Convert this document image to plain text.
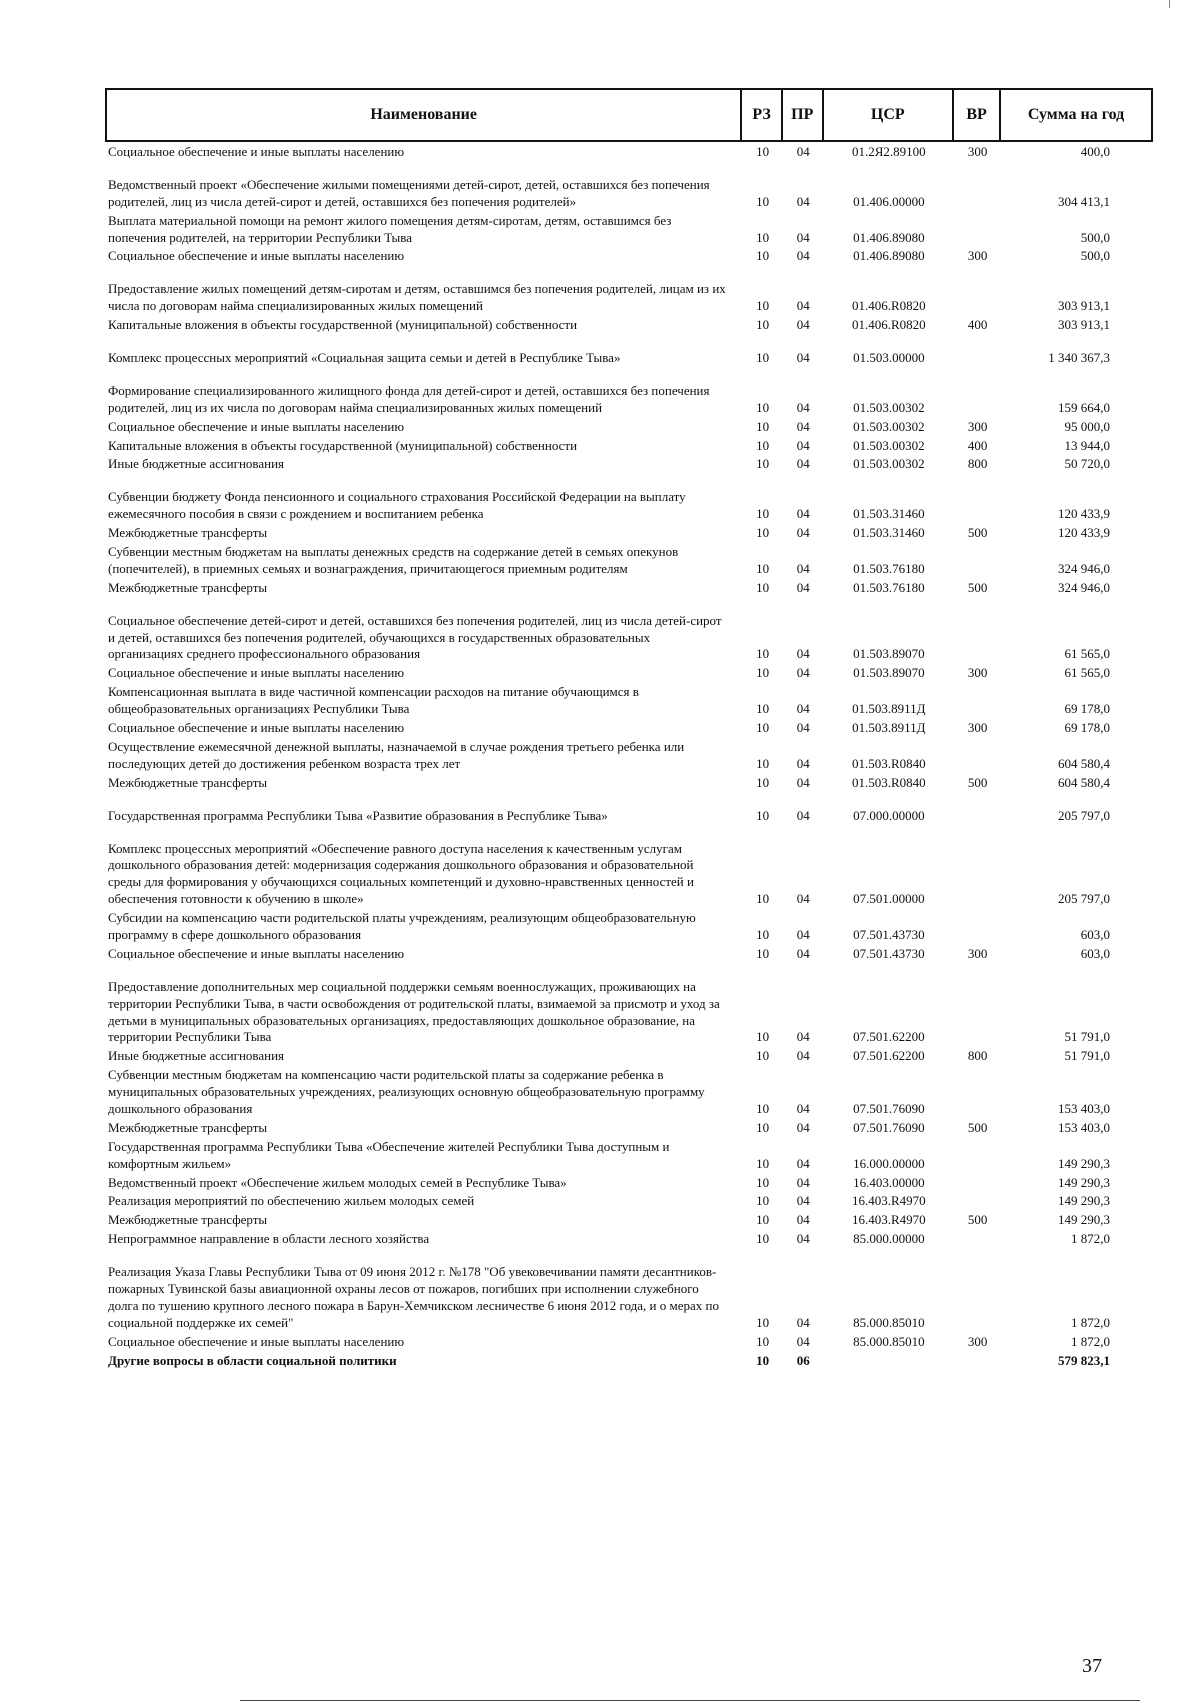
Наименование	РЗ	ПР	ЦСР	ВР	Сумма на год
Социальное обеспечение и иные выплаты населению	10	04	01.2Я2.89100	300	400,0
Ведомственный проект «Обеспечение жилыми помещениями детей-сирот, детей, оставшихся без попечения родителей, лиц из числа детей-сирот и детей, оставшихся без попечения родителей»	10	04	01.406.00000		304 413,1
Выплата материальной помощи на ремонт жилого помещения детям-сиротам, детям, оставшимся без попечения родителей, на территории Республики Тыва	10	04	01.406.89080		500,0
Социальное обеспечение и иные выплаты населению	10	04	01.406.89080	300	500,0
Предоставление жилых помещений детям-сиротам и детям, оставшимся без попечения родителей, лицам из их числа по договорам найма специализированных жилых помещений	10	04	01.406.R0820		303 913,1
Капитальные вложения в объекты государственной (муниципальной) собственности	10	04	01.406.R0820	400	303 913,1
Комплекс процессных мероприятий «Социальная защита семьи и детей в Республике Тыва»	10	04	01.503.00000		1 340 367,3
Формирование специализированного жилищного фонда для детей-сирот и детей, оставшихся без попечения родителей, лиц из их числа по договорам найма специализированных жилых помещений	10	04	01.503.00302		159 664,0
Социальное обеспечение и иные выплаты населению	10	04	01.503.00302	300	95 000,0
Капитальные вложения в объекты государственной (муниципальной) собственности	10	04	01.503.00302	400	13 944,0
Иные бюджетные ассигнования	10	04	01.503.00302	800	50 720,0
Субвенции бюджету Фонда пенсионного и социального страхования Российской Федерации на выплату ежемесячного пособия в связи с рождением и воспитанием ребенка	10	04	01.503.31460		120 433,9
Межбюджетные трансферты	10	04	01.503.31460	500	120 433,9
Субвенции местным бюджетам на выплаты денежных средств на содержание детей в семьях опекунов (попечителей), в приемных семьях и вознаграждения, причитающегося приемным родителям	10	04	01.503.76180		324 946,0
Межбюджетные трансферты	10	04	01.503.76180	500	324 946,0
Социальное обеспечение детей-сирот и детей, оставшихся без попечения родителей, лиц из числа детей-сирот и детей, оставшихся без попечения родителей, обучающихся в государственных образовательных организациях среднего профессионального образования	10	04	01.503.89070		61 565,0
Социальное обеспечение и иные выплаты населению	10	04	01.503.89070	300	61 565,0
Компенсационная выплата в виде частичной компенсации расходов на питание обучающимся в общеобразовательных организациях Республики Тыва	10	04	01.503.8911Д		69 178,0
Социальное обеспечение и иные выплаты населению	10	04	01.503.8911Д	300	69 178,0
Осуществление ежемесячной денежной выплаты, назначаемой в случае рождения третьего ребенка или последующих детей до достижения ребенком возраста трех лет	10	04	01.503.R0840		604 580,4
Межбюджетные трансферты	10	04	01.503.R0840	500	604 580,4
Государственная программа Республики Тыва «Развитие образования в Республике Тыва»	10	04	07.000.00000		205 797,0
Комплекс процессных мероприятий «Обеспечение равного доступа населения к качественным услугам дошкольного образования детей: модернизация содержания дошкольного образования и образовательной среды для формирования у обучающихся социальных компетенций и духовно-нравственных ценностей и обеспечения готовности к обучению в школе»	10	04	07.501.00000		205 797,0
Субсидии на компенсацию части родительской платы учреждениям, реализующим общеобразовательную программу в сфере дошкольного образования	10	04	07.501.43730		603,0
Социальное обеспечение и иные выплаты населению	10	04	07.501.43730	300	603,0
Предоставление дополнительных мер социальной поддержки семьям военнослужащих, проживающих на территории Республики Тыва, в части освобождения от родительской платы, взимаемой за присмотр и уход за детьми в муниципальных образовательных организациях, предоставляющих дошкольное образование, на территории Республики Тыва	10	04	07.501.62200		51 791,0
Иные бюджетные ассигнования	10	04	07.501.62200	800	51 791,0
Субвенции местным бюджетам на компенсацию части родительской платы за содержание ребенка в муниципальных образовательных учреждениях, реализующих основную общеобразовательную программу дошкольного образования	10	04	07.501.76090		153 403,0
Межбюджетные трансферты	10	04	07.501.76090	500	153 403,0
Государственная программа Республики Тыва «Обеспечение жителей Республики Тыва доступным и комфортным жильем»	10	04	16.000.00000		149 290,3
Ведомственный проект «Обеспечение жильем молодых семей в Республике Тыва»	10	04	16.403.00000		149 290,3
Реализация мероприятий по обеспечению жильем молодых семей	10	04	16.403.R4970		149 290,3
Межбюджетные трансферты	10	04	16.403.R4970	500	149 290,3
Непрограммное направление в области лесного хозяйства	10	04	85.000.00000		1 872,0
Реализация Указа Главы Республики Тыва от 09 июня 2012 г. №178 "Об увековечивании памяти десантников-пожарных Тувинской базы авиационной охраны лесов от пожаров, погибших при исполнении служебного долга по тушению крупного лесного пожара в Барун-Хемчикском лесничестве 6 июня 2012 года, и о мерах по социальной поддержке их семей"	10	04	85.000.85010		1 872,0
Социальное обеспечение и иные выплаты населению	10	04	85.000.85010	300	1 872,0
Другие вопросы в области социальной политики	10	06			579 823,1
37
